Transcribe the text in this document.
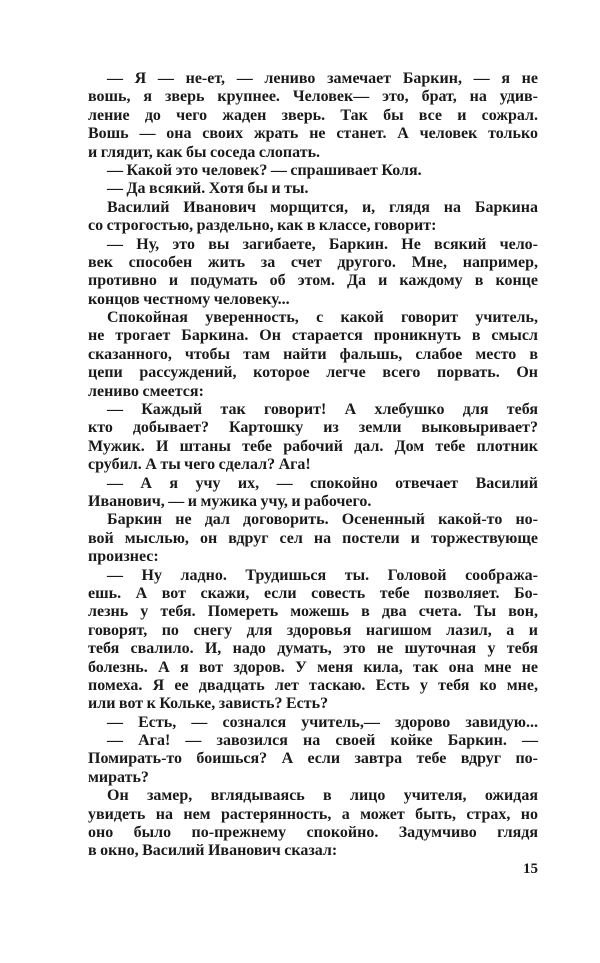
— Я — не-ет, — лениво замечает Баркин, — я не
вошь, я зверь крупнее. Человек— это, брат, на удив-
ление до чего жаден зверь. Так бы все и сожрал.
Вошь — она своих жрать не станет. А человек только
и глядит, как бы соседа слопать.
— Какой это человек? — спрашивает Коля.
— Да всякий. Хотя бы и ты.
Василий Иванович морщится, и, глядя на Баркина
со строгостью, раздельно, как в классе, говорит:
— Ну, это вы загибаете, Баркин. Не всякий чело-
век способен жить за счет другого. Мне, например,
противно и подумать об этом. Да и каждому в конце
концов честному человеку...
Спокойная уверенность, с какой говорит учитель,
не трогает Баркина. Он старается проникнуть в смысл
сказанного, чтобы там найти фальшь, слабое место в
цепи рассуждений, которое легче всего порвать. Он
лениво смеется:
— Каждый так говорит! А хлебушко для тебя
кто добывает? Картошку из земли выковыривает?
Мужик. И штаны тебе рабочий дал. Дом тебе плотник
срубил. А ты чего сделал? Ага!
— А я учу их, — спокойно отвечает Василий
Иванович, — и мужика учу, и рабочего.
Баркин не дал договорить. Осененный какой-то но-
вой мыслью, он вдруг сел на постели и торжествующе
произнес:
— Ну ладно. Трудишься ты. Головой сообража-
ешь. А вот скажи, если совесть тебе позволяет. Бо-
лезнь у тебя. Помереть можешь в два счета. Ты вон,
говорят, по снегу для здоровья нагишом лазил, а и
тебя свалило. И, надо думать, это не шуточная у тебя
болезнь. А я вот здоров. У меня кила, так она мне не
помеха. Я ее двадцать лет таскаю. Есть у тебя ко мне,
или вот к Кольке, зависть? Есть?
— Есть, — сознался учитель,— здорово завидую...
— Ага! — завозился на своей койке Баркин. —
Помирать-то боишься? А если завтра тебе вдруг по-
мирать?
Он замер, вглядываясь в лицо учителя, ожидая
увидеть на нем растерянность, а может быть, страх, но
оно было по-прежнему спокойно. Задумчиво глядя
в окно, Василий Иванович сказал:
15
